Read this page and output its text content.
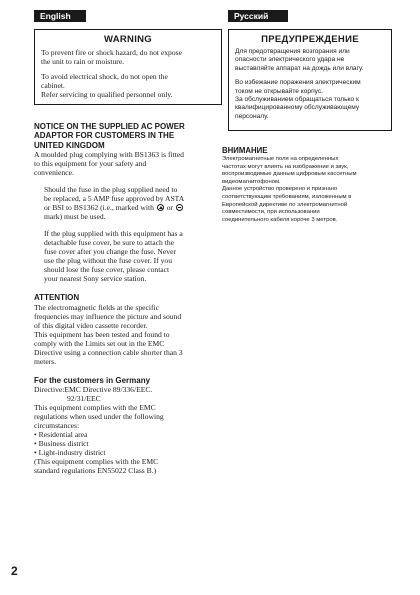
English	Русский
WARNING
To prevent fire or shock hazard, do not expose
the unit to rain or moisture.
To avoid electrical shock, do not open the
cabinet.
Refer servicing to qualified personnel only.
ПРЕДУПРЕЖДЕНИЕ
Для предотвращения возгорания или
опасности электрического удара не
выставляйте аппарат на дождь или влагу.
Во избежание поражения электрическим
током не открывайте корпус.
За обслуживанием обращаться только к
квалифицированному обслуживающему
персоналу.
NOTICE ON THE SUPPLIED AC POWER
ADAPTOR FOR CUSTOMERS IN THE
UNITED KINGDOM
A moulded plug complying with BS1363 is fitted
to this equipment for your safety and
convenience.
Should the fuse in the plug supplied need to
be replaced, a 5 AMP fuse approved by ASTA
or BSI to BS1362 (i.e., marked with or
mark) must be used.
If the plug supplied with this equipment has a
detachable fuse cover, be sure to attach the
fuse cover after you change the fuse. Never
use the plug without the fuse cover. If you
should lose the fuse cover, please contact
your nearest Sony service station.
ATTENTION
The electromagnetic fields at the specific
frequencies may influence the picture and sound
of this digital video cassette recorder.
This equipment has been tested and found to
comply with the Limits set out in the EMC
Directive using a connection cable shorter than 3
meters.
For the customers in Germany
Directive:EMC Directive 89/336/EEC.
92/31/EEC
This equipment complies with the EMC
regulations when used under the following
circumstances:
• Residential area
• Business district
• Light-industry district
(This equipment complies with the EMC
standard regulations EN55022 Class B.)
ВНИМАНИЕ
Электромагнитные поля на определенных
частотах могут влиять на изображение и звук,
воспроизводимые данным цифровым кассетным
видеомагнитофоном.
Данное устройство проверено и признано
соответствующим требованиям, изложенным в
Европейской директиве по электромагнитной
совместимости, при использовании
соединительного кабеля короче 3 метров.
2
